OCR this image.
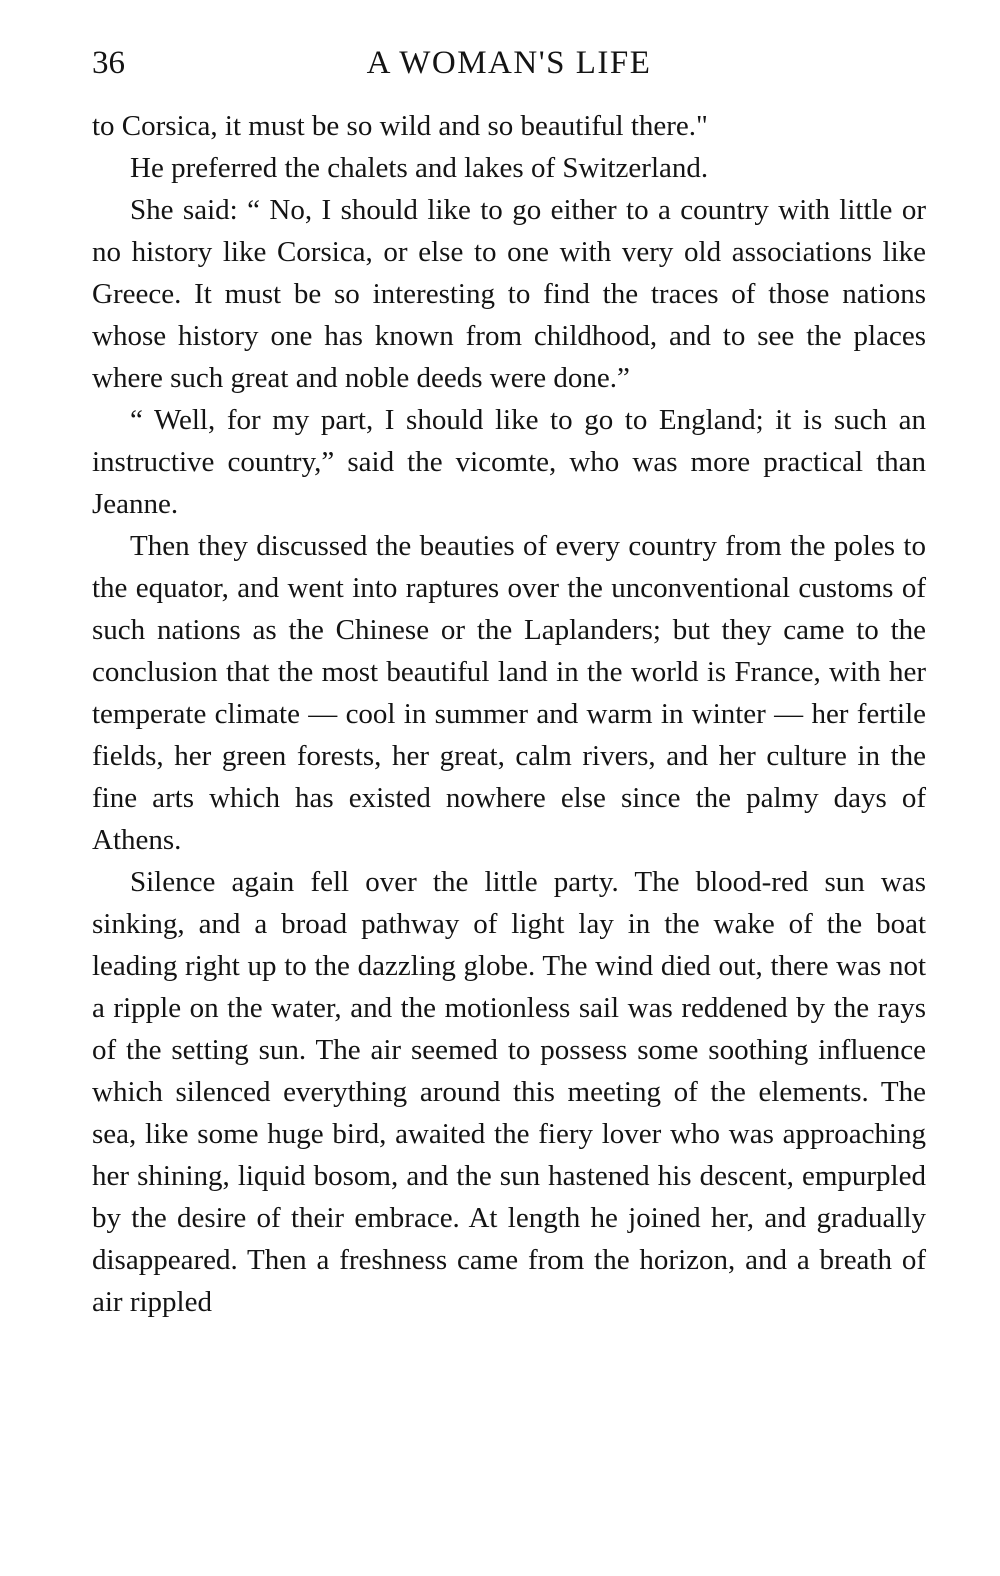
36	A WOMAN'S LIFE

to Corsica, it must be so wild and so beautiful there."

He preferred the chalets and lakes of Switzerland.

She said: “ No, I should like to go either to a country with little or no history like Corsica, or else to one with very old associations like Greece. It must be so interesting to find the traces of those nations whose history one has known from childhood, and to see the places where such great and noble deeds were done.”

“ Well, for my part, I should like to go to England; it is such an instructive country,” said the vicomte, who was more practical than Jeanne.

Then they discussed the beauties of every country from the poles to the equator, and went into raptures over the unconventional customs of such nations as the Chinese or the Laplanders; but they came to the conclusion that the most beautiful land in the world is France, with her temperate climate — cool in summer and warm in winter — her fertile fields, her green forests, her great, calm rivers, and her culture in the fine arts which has existed nowhere else since the palmy days of Athens.

Silence again fell over the little party. The blood-red sun was sinking, and a broad pathway of light lay in the wake of the boat leading right up to the dazzling globe. The wind died out, there was not a ripple on the water, and the motionless sail was reddened by the rays of the setting sun. The air seemed to possess some soothing influence which silenced everything around this meeting of the elements. The sea, like some huge bird, awaited the fiery lover who was approaching her shining, liquid bosom, and the sun hastened his descent, empurpled by the desire of their embrace. At length he joined her, and gradually disappeared. Then a freshness came from the horizon, and a breath of air rippled
